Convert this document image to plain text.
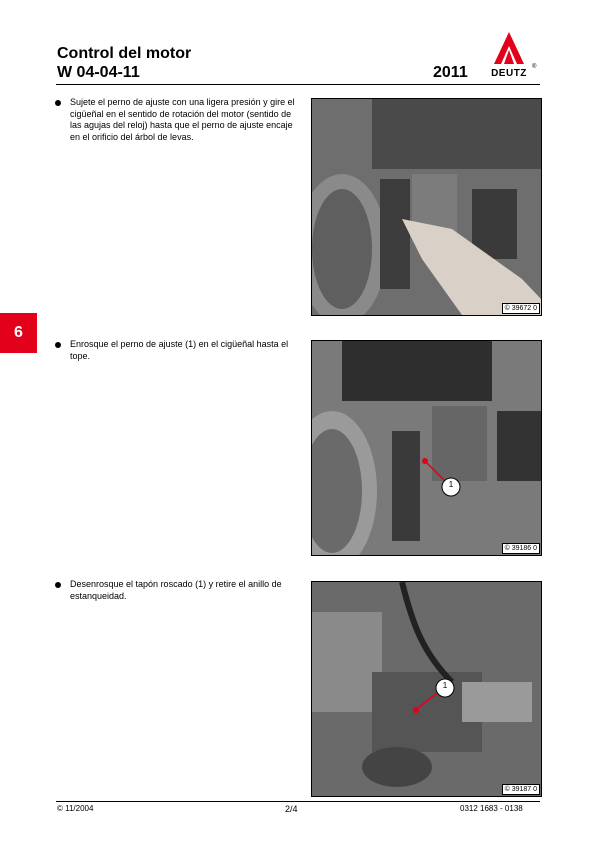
Control del motor
W 04-04-11	2011	DEUTZ
®
6
Sujete el perno de ajuste con una ligera presión y gire el cigüeñal en el sentido de rotación del motor (sentido de las agujas del reloj) hasta que el perno de ajuste encaje en el orificio del árbol de levas.
© 39672 0
Enrosque el perno de ajuste (1) en el cigüeñal hasta el tope.
1
© 39186 0
Desenrosque el tapón roscado (1) y retire el anillo de estanqueidad.
1
© 39187 0
© 11/2004	2/4	0312 1683 - 0138
